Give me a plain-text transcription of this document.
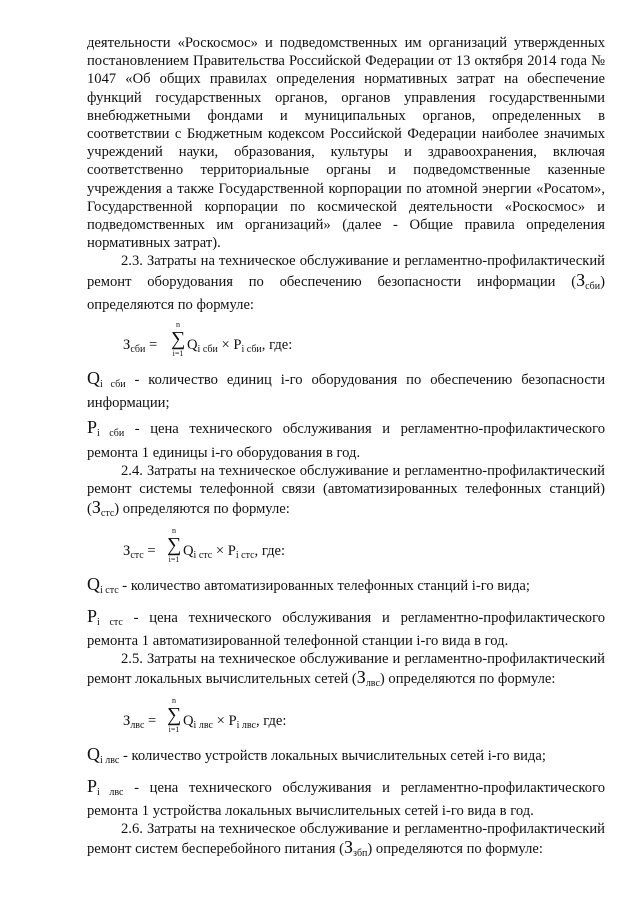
деятельности «Роскосмос» и подведомственных им организаций утвержденных постановлением Правительства Российской Федерации от 13 октября 2014 года № 1047 «Об общих правилах определения нормативных затрат на обеспечение функций государственных органов, органов управления государственными внебюджетными фондами и муниципальных органов, определенных в соответствии с Бюджетным кодексом Российской Федерации наиболее значимых учреждений науки, образования, культуры и здравоохранения, включая соответственно территориальные органы и подведомственные казенные учреждения а также Государственной корпорации по атомной энергии «Росатом», Государственной корпорации по космической деятельности «Роскосмос» и подведомственных им организаций» (далее - Общие правила определения нормативных затрат).

2.3. Затраты на техническое обслуживание и регламентно-профилактический ремонт оборудования по обеспечению безопасности информации $(З_{сби})$ определяются по формуле:

$З_{сби}$ =
n
∑
i=1
$Q_{i сби} \times P_{i сби}$, где:

$Q_{i сби}$ - количество единиц i-го оборудования по обеспечению безопасности информации;

$P_{i сби}$ - цена технического обслуживания и регламентно-профилактического ремонта 1 единицы i-го оборудования в год.

2.4. Затраты на техническое обслуживание и регламентно-профилактический ремонт системы телефонной связи (автоматизированных телефонных $станций)(З_{стс})$ определяются по формуле:

$З_{стс}$ =
n
∑
i=1
$Q_{i стс} \times P_{i стс}$, где:

$Q_{i стс}$ - количество автоматизированных телефонных станций i-го вида;

$P_{i стс}$ - цена технического обслуживания и регламентно-профилактического ремонта 1 автоматизированной телефонной станции i-го вида в год.

2.5. Затраты на техническое обслуживание и регламентно-профилактический ремонт локальных вычислительных сетей $(З_{лвс})$ определяются по формуле:

$З_{лвс}$ =
n
∑
i=1
$Q_{i лвс} \times P_{i лвс}$, где:

$Q_{i лвс}$ - количество устройств локальных вычислительных сетей i-го вида;

$P_{i лвс}$ - цена технического обслуживания и регламентно-профилактического ремонта 1 устройства локальных вычислительных сетей i-го вида в год.

2.6. Затраты на техническое обслуживание и регламентно-профилактический ремонт систем бесперебойного питания $(З_{збп})$ определяются по формуле:
